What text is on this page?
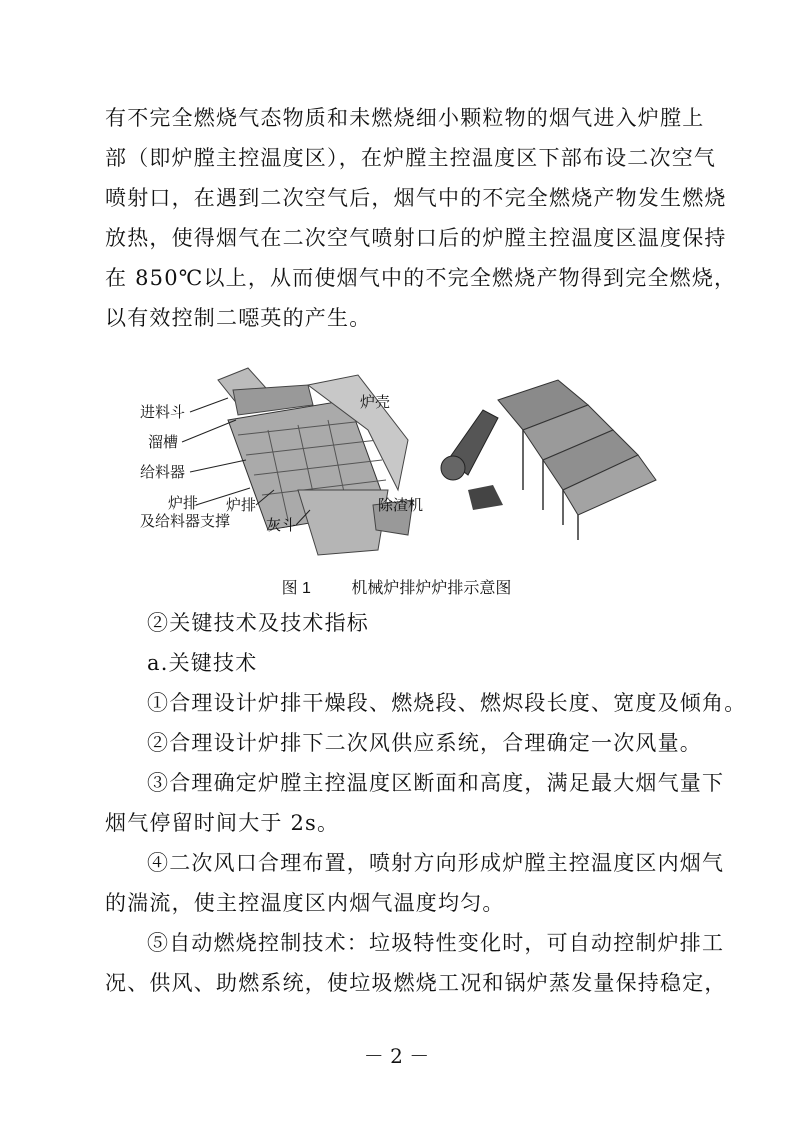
有不完全燃烧气态物质和未燃烧细小颗粒物的烟气进入炉膛上
部（即炉膛主控温度区），在炉膛主控温度区下部布设二次空气
喷射口，在遇到二次空气后，烟气中的不完全燃烧产物发生燃烧
放热，使得烟气在二次空气喷射口后的炉膛主控温度区温度保持
在 850℃以上，从而使烟气中的不完全燃烧产物得到完全燃烧，
以有效控制二噁英的产生。
进料斗
溜槽
给料器
炉排
及给料器支撑
炉排
灰斗
炉壳
除渣机
图 1	机械炉排炉炉排示意图
②关键技术及技术指标
a.关键技术
①合理设计炉排干燥段、燃烧段、燃烬段长度、宽度及倾角。
②合理设计炉排下二次风供应系统，合理确定一次风量。
③合理确定炉膛主控温度区断面和高度，满足最大烟气量下
烟气停留时间大于 2s。
④二次风口合理布置，喷射方向形成炉膛主控温度区内烟气
的湍流，使主控温度区内烟气温度均匀。
⑤自动燃烧控制技术：垃圾特性变化时，可自动控制炉排工
况、供风、助燃系统，使垃圾燃烧工况和锅炉蒸发量保持稳定，
－ 2 －
